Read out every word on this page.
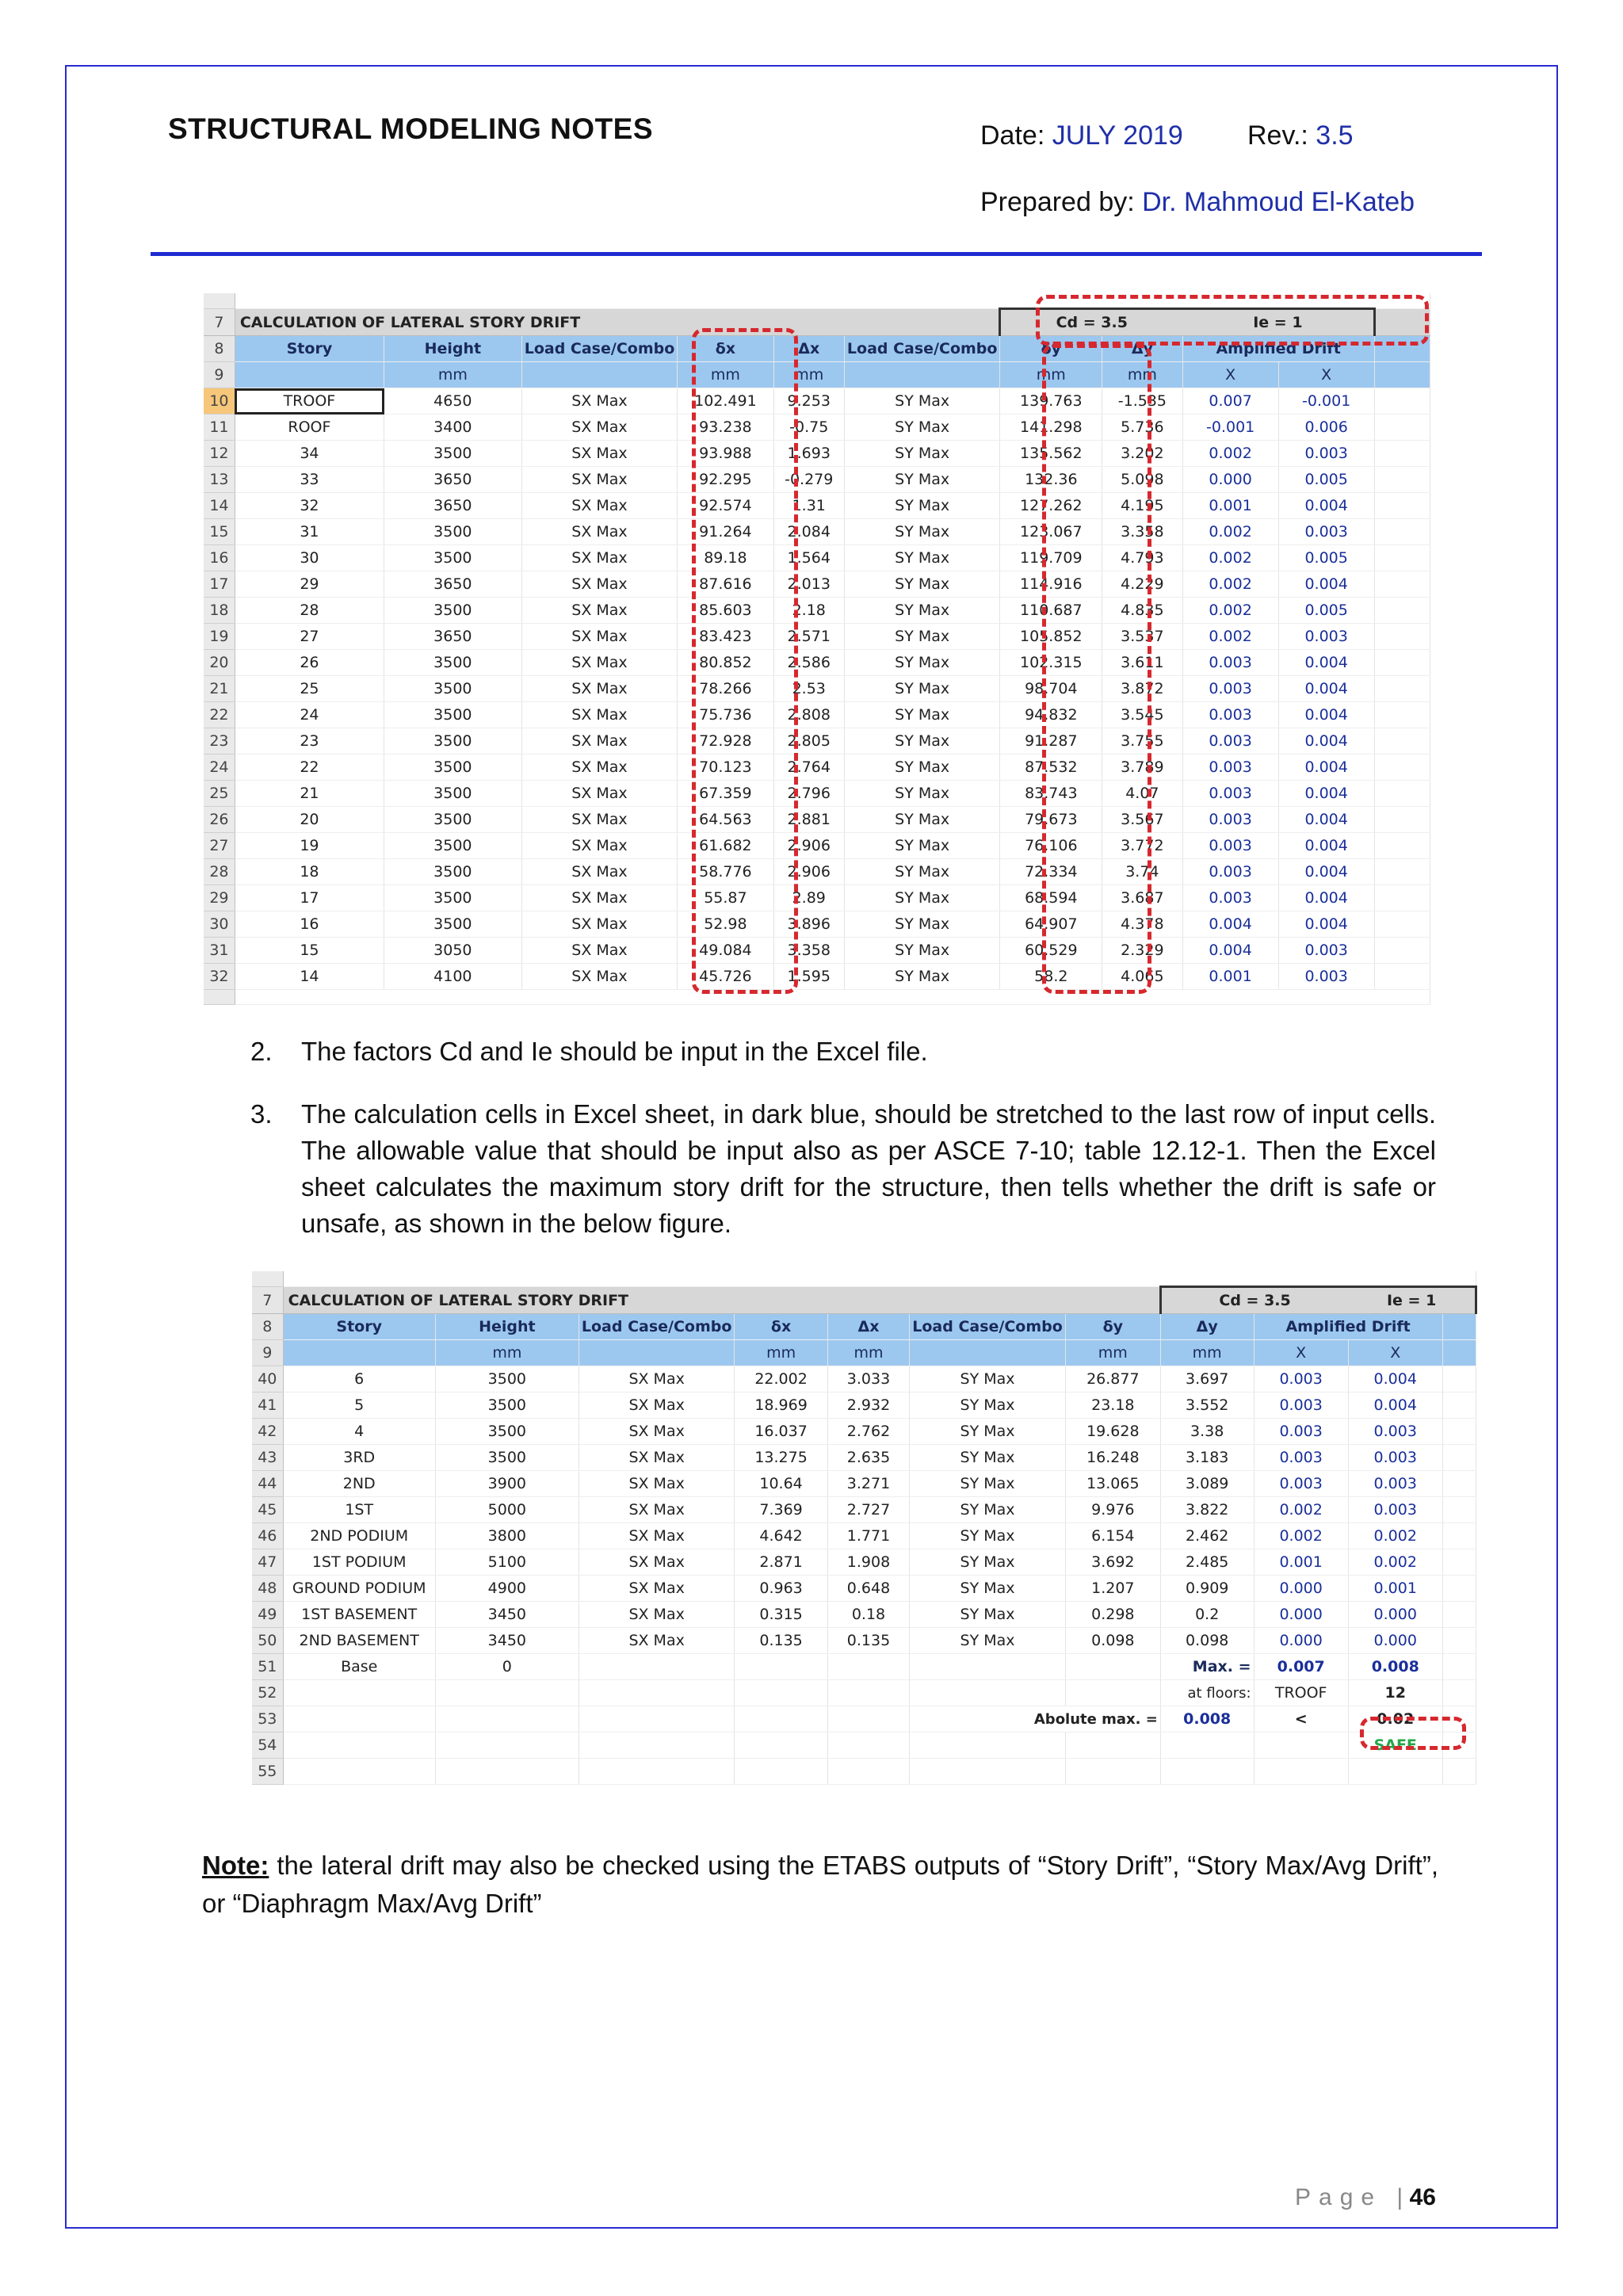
STRUCTURAL MODELING NOTES	Date: JULY 2019 Rev.: 3.5
Prepared by: Dr. Mahmoud El-Kateb

7	CALCULATION OF LATERAL STORY DRIFT						Cd = 3.5		Ie = 1		
8	Story	Height	Load Case/Combo	δx	Δx	Load Case/Combo	δy	Δy	Amplified Drift		
9		mm		mm	mm		mm	mm	X	X	
10	TROOF	4650	SX Max	102.491	9.253	SY Max	139.763	-1.535	0.007	-0.001	
11	ROOF	3400	SX Max	93.238	-0.75	SY Max	141.298	5.736	-0.001	0.006	
12	34	3500	SX Max	93.988	1.693	SY Max	135.562	3.202	0.002	0.003	
13	33	3650	SX Max	92.295	-0.279	SY Max	132.36	5.098	0.000	0.005	
14	32	3650	SX Max	92.574	1.31	SY Max	127.262	4.195	0.001	0.004	
15	31	3500	SX Max	91.264	2.084	SY Max	123.067	3.358	0.002	0.003	
16	30	3500	SX Max	89.18	1.564	SY Max	119.709	4.793	0.002	0.005	
17	29	3650	SX Max	87.616	2.013	SY Max	114.916	4.229	0.002	0.004	
18	28	3500	SX Max	85.603	2.18	SY Max	110.687	4.835	0.002	0.005	
19	27	3650	SX Max	83.423	2.571	SY Max	105.852	3.537	0.002	0.003	
20	26	3500	SX Max	80.852	2.586	SY Max	102.315	3.611	0.003	0.004	
21	25	3500	SX Max	78.266	2.53	SY Max	98.704	3.872	0.003	0.004	
22	24	3500	SX Max	75.736	2.808	SY Max	94.832	3.545	0.003	0.004	
23	23	3500	SX Max	72.928	2.805	SY Max	91.287	3.755	0.003	0.004	
24	22	3500	SX Max	70.123	2.764	SY Max	87.532	3.789	0.003	0.004	
25	21	3500	SX Max	67.359	2.796	SY Max	83.743	4.07	0.003	0.004	
26	20	3500	SX Max	64.563	2.881	SY Max	79.673	3.567	0.003	0.004	
27	19	3500	SX Max	61.682	2.906	SY Max	76.106	3.772	0.003	0.004	
28	18	3500	SX Max	58.776	2.906	SY Max	72.334	3.74	0.003	0.004	
29	17	3500	SX Max	55.87	2.89	SY Max	68.594	3.687	0.003	0.004	
30	16	3500	SX Max	52.98	3.896	SY Max	64.907	4.378	0.004	0.004	
31	15	3050	SX Max	49.084	3.358	SY Max	60.529	2.329	0.004	0.003	
32	14	4100	SX Max	45.726	1.595	SY Max	58.2	4.065	0.001	0.003	

2. The factors Cd and Ie should be input in the Excel file.
3. The calculation cells in Excel sheet, in dark blue, should be stretched to the last row of input cells. The allowable value that should be input also as per ASCE 7-10; table 12.12-1. Then the Excel sheet calculates the maximum story drift for the structure, then tells whether the drift is safe or unsafe, as shown in the below figure.

7	CALCULATION OF LATERAL STORY DRIFT							Cd = 3.5		Ie = 1	
8	Story	Height	Load Case/Combo	δx	Δx	Load Case/Combo	δy	Δy	Amplified Drift		
9		mm		mm	mm		mm	mm	X	X	
40	6	3500	SX Max	22.002	3.033	SY Max	26.877	3.697	0.003	0.004	
41	5	3500	SX Max	18.969	2.932	SY Max	23.18	3.552	0.003	0.004	
42	4	3500	SX Max	16.037	2.762	SY Max	19.628	3.38	0.003	0.003	
43	3RD	3500	SX Max	13.275	2.635	SY Max	16.248	3.183	0.003	0.003	
44	2ND	3900	SX Max	10.64	3.271	SY Max	13.065	3.089	0.003	0.003	
45	1ST	5000	SX Max	7.369	2.727	SY Max	9.976	3.822	0.002	0.003	
46	2ND PODIUM	3800	SX Max	4.642	1.771	SY Max	6.154	2.462	0.002	0.002	
47	1ST PODIUM	5100	SX Max	2.871	1.908	SY Max	3.692	2.485	0.001	0.002	
48	GROUND PODIUM	4900	SX Max	0.963	0.648	SY Max	1.207	0.909	0.000	0.001	
49	1ST BASEMENT	3450	SX Max	0.315	0.18	SY Max	0.298	0.2	0.000	0.000	
50	2ND BASEMENT	3450	SX Max	0.135	0.135	SY Max	0.098	0.098	0.000	0.000	
51	Base	0						Max. =	0.007	0.008	
52								at floors:	TROOF	12	
53						Abolute max. =		0.008	<	0.02	
54										SAFE	
55											
Note: the lateral drift may also be checked using the ETABS outputs of “Story Drift”, “Story Max/Avg Drift”, or “Diaphragm Max/Avg Drift”
Page | 46
